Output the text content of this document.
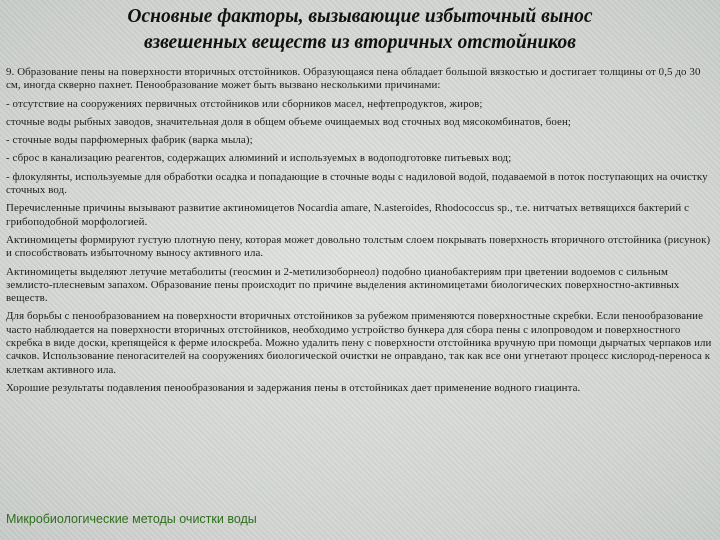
Основные факторы, вызывающие избыточный вынос
взвешенных веществ из вторичных отстойников

9. Образование пены на поверхности вторичных отстойников. Образующаяся пена обладает большой вязкостью и достигает толщины от 0,5 до 30 см, иногда скверно пахнет. Пенообразование может быть вызвано несколькими причинами:

- отсутствие на сооружениях первичных отстойников или сборников масел, нефтепродуктов, жиров;

сточные воды рыбных заводов, значительная доля в общем объеме очищаемых вод сточных вод мясокомбинатов, боен;

- сточные воды парфюмерных фабрик (варка мыла);

- сброс в канализацию реагентов, содержащих алюминий и используемых в водоподготовке питьевых вод;

- флокулянты, используемые для обработки осадка и попадающие в сточные воды с надиловой водой, подаваемой в поток поступающих на очистку сточных вод.

Перечисленные причины вызывают развитие актиномицетов Nocardia amare, N.asteroides, Rhodococcus sp., т.е. нитчатых ветвящихся бактерий с грибоподобной морфологией.

Актиномицеты формируют густую плотную пену, которая может довольно толстым слоем покрывать поверхность вторичного отстойника (рисунок) и способствовать избыточному выносу активного ила.

Актиномицеты выделяют летучие метаболиты (геосмин и 2-метилизоборнеол) подобно цианобактериям при цветении водоемов с сильным землисто-плесневым запахом. Образование пены происходит по причине выделения актиномицетами биологических поверхностно-активных веществ.

Для борьбы с пенообразованием на поверхности вторичных отстойников за рубежом применяются поверхностные скребки. Если пенообразование часто наблюдается на поверхности вторичных отстойников, необходимо устройство бункера для сбора пены с илопроводом и поверхностного скребка в виде доски, крепящейся к ферме илоскреба. Можно удалить пену с поверхности отстойника вручную при помощи дырчатых черпаков или сачков. Использование пеногасителей на сооружениях биологической очистки не оправдано, так как все они угнетают процесс кислород-переноса к клеткам активного ила.

Хорошие результаты подавления пенообразования и задержания пены в отстойниках дает применение водного гиацинта.

Микробиологические методы очистки воды
